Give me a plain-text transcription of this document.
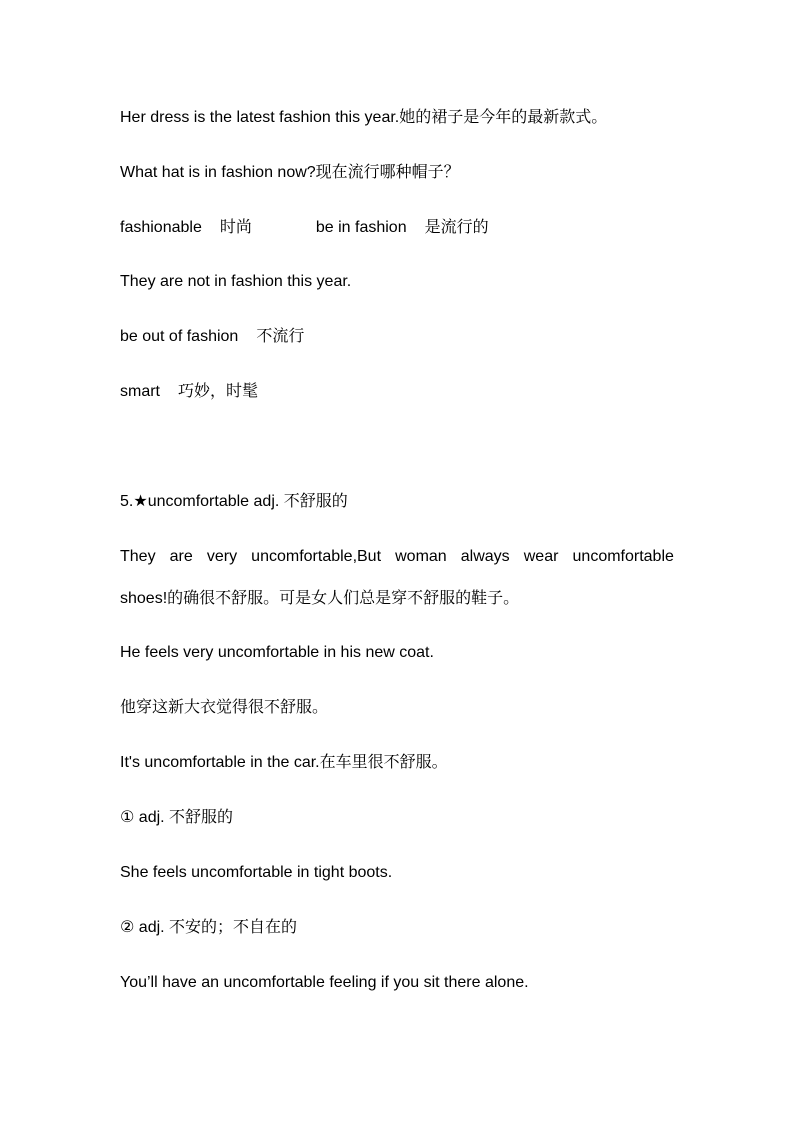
Her dress is the latest fashion this year.她的裙子是今年的最新款式。
What hat is in fashion now?现在流行哪种帽子？
fashionable 时尚	be in fashion 是流行的
They are not in fashion this year.
be out of fashion 不流行
smart 巧妙，时髦
5.★uncomfortable adj. 不舒服的
They are very uncomfortable,But woman always wear uncomfortable
shoes!的确很不舒服。可是女人们总是穿不舒服的鞋子。
He feels very uncomfortable in his new coat.
他穿这新大衣觉得很不舒服。
It's uncomfortable in the car.在车里很不舒服。
① adj. 不舒服的
She feels uncomfortable in tight boots.
② adj. 不安的；不自在的
You’ll have an uncomfortable feeling if you sit there alone.
